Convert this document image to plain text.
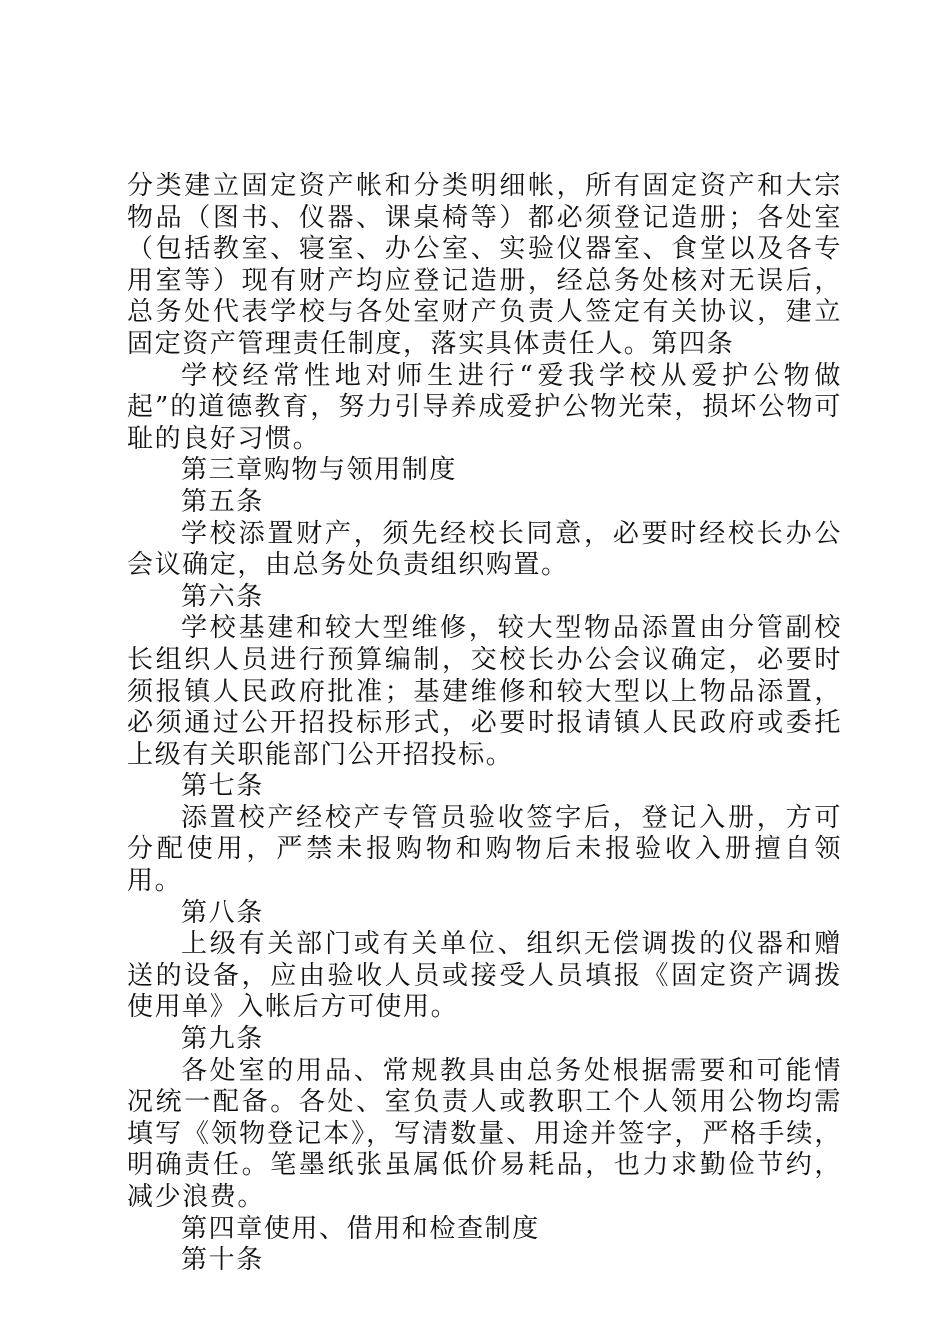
分类建立固定资产帐和分类明细帐，所有固定资产和大宗物品（图书、仪器、课桌椅等）都必须登记造册；各处室（包括教室、寝室、办公室、实验仪器室、食堂以及各专用室等）现有财产均应登记造册，经总务处核对无误后，总务处代表学校与各处室财产负责人签定有关协议，建立固定资产管理责任制度，落实具体责任人。第四条

学校经常性地对师生进行“爱我学校从爱护公物做起”的道德教育，努力引导养成爱护公物光荣，损坏公物可耻的良好习惯。

第三章购物与领用制度

第五条

学校添置财产，须先经校长同意，必要时经校长办公会议确定，由总务处负责组织购置。

第六条

学校基建和较大型维修，较大型物品添置由分管副校长组织人员进行预算编制，交校长办公会议确定，必要时须报镇人民政府批准；基建维修和较大型以上物品添置，必须通过公开招投标形式，必要时报请镇人民政府或委托上级有关职能部门公开招投标。

第七条

添置校产经校产专管员验收签字后，登记入册，方可分配使用，严禁未报购物和购物后未报验收入册擅自领用。

第八条

上级有关部门或有关单位、组织无偿调拨的仪器和赠送的设备，应由验收人员或接受人员填报《固定资产调拨使用单》入帐后方可使用。

第九条

各处室的用品、常规教具由总务处根据需要和可能情况统一配备。各处、室负责人或教职工个人领用公物均需填写《领物登记本》，写清数量、用途并签字，严格手续，明确责任。笔墨纸张虽属低价易耗品，也力求勤俭节约，减少浪费。

第四章使用、借用和检查制度

第十条
